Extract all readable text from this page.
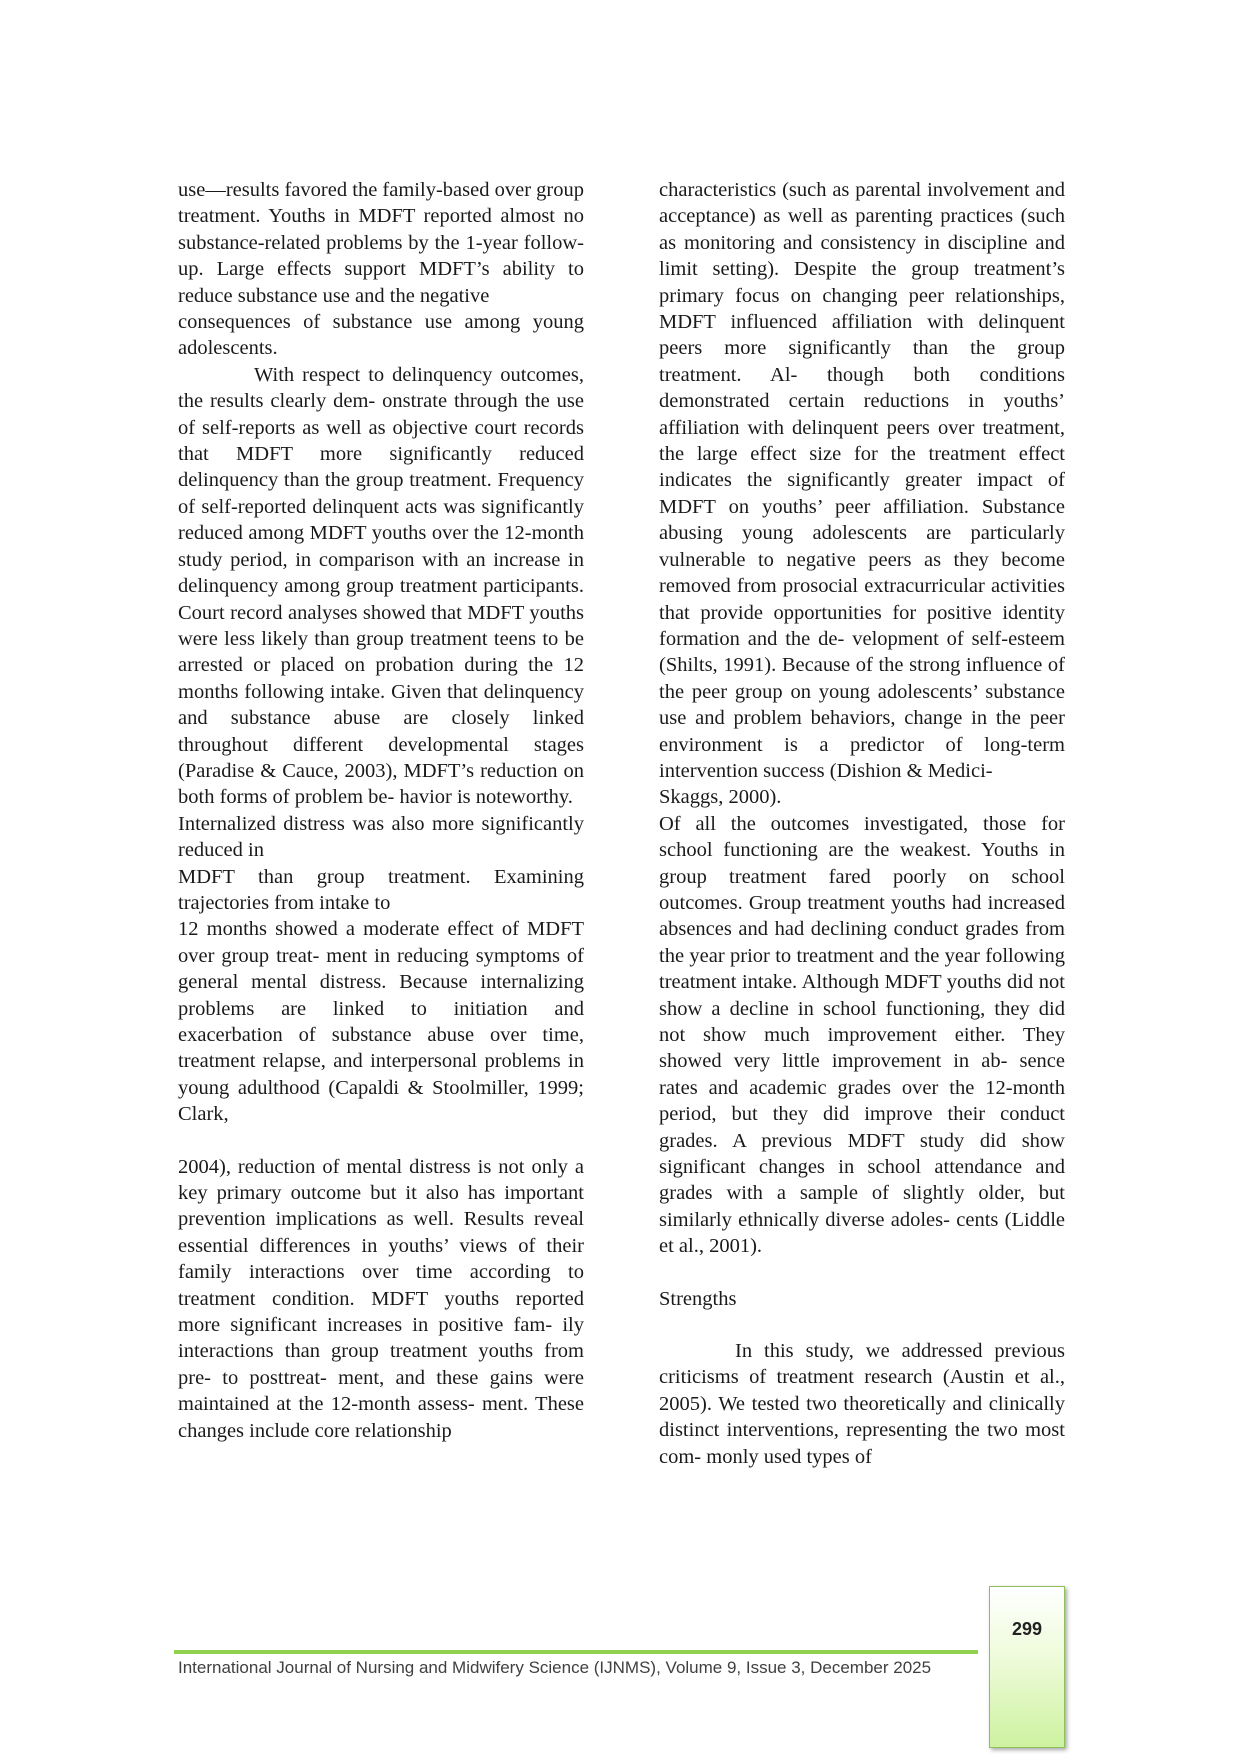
use—results favored the family-based over group treatment. Youths in MDFT reported almost no substance-related problems by the 1-year follow-up. Large effects support MDFT’s ability to reduce substance use and the negative

consequences of substance use among young adolescents.

With respect to delinquency outcomes, the results clearly dem- onstrate through the use of self-reports as well as objective court records that MDFT more significantly reduced delinquency than the group treatment. Frequency of self-reported delinquent acts was significantly reduced among MDFT youths over the 12-month study period, in comparison with an increase in delinquency among group treatment participants. Court record analyses showed that MDFT youths were less likely than group treatment teens to be arrested or placed on probation during the 12 months following intake. Given that delinquency and substance abuse are closely linked throughout different developmental stages (Paradise & Cauce, 2003), MDFT’s reduction on both forms of problem be- havior is noteworthy.

Internalized distress was also more significantly reduced in

MDFT than group treatment. Examining trajectories from intake to

12 months showed a moderate effect of MDFT over group treat- ment in reducing symptoms of general mental distress. Because internalizing problems are linked to initiation and exacerbation of substance abuse over time, treatment relapse, and interpersonal problems in young adulthood (Capaldi & Stoolmiller, 1999; Clark,

2004), reduction of mental distress is not only a key primary outcome but it also has important prevention implications as well. Results reveal essential differences in youths’ views of their family interactions over time according to treatment condition. MDFT youths reported more significant increases in positive fam- ily interactions than group treatment youths from pre- to posttreat- ment, and these gains were maintained at the 12-month assess- ment. These changes include core relationship

characteristics (such as parental involvement and acceptance) as well as parenting practices (such as monitoring and consistency in discipline and limit setting). Despite the group treatment’s primary focus on changing peer relationships, MDFT influenced affiliation with delinquent peers more significantly than the group treatment. Al- though both conditions demonstrated certain reductions in youths’ affiliation with delinquent peers over treatment, the large effect size for the treatment effect indicates the significantly greater impact of MDFT on youths’ peer affiliation. Substance abusing young adolescents are particularly vulnerable to negative peers as they become removed from prosocial extracurricular activities that provide opportunities for positive identity formation and the de- velopment of self-esteem (Shilts, 1991). Because of the strong influence of the peer group on young adolescents’ substance use and problem behaviors, change in the peer environment is a predictor of long-term intervention success (Dishion & Medici-

Skaggs, 2000).

Of all the outcomes investigated, those for school functioning are the weakest. Youths in group treatment fared poorly on school outcomes. Group treatment youths had increased absences and had declining conduct grades from the year prior to treatment and the year following treatment intake. Although MDFT youths did not show a decline in school functioning, they did not show much improvement either. They showed very little improvement in ab- sence rates and academic grades over the 12-month period, but they did improve their conduct grades. A previous MDFT study did show significant changes in school attendance and grades with a sample of slightly older, but similarly ethnically diverse adoles- cents (Liddle et al., 2001).

Strengths

In this study, we addressed previous criticisms of treatment research (Austin et al., 2005). We tested two theoretically and clinically distinct interventions, representing the two most com- monly used types of

International Journal of Nursing and Midwifery Science (IJNMS), Volume 9, Issue 3, December 2025
299
